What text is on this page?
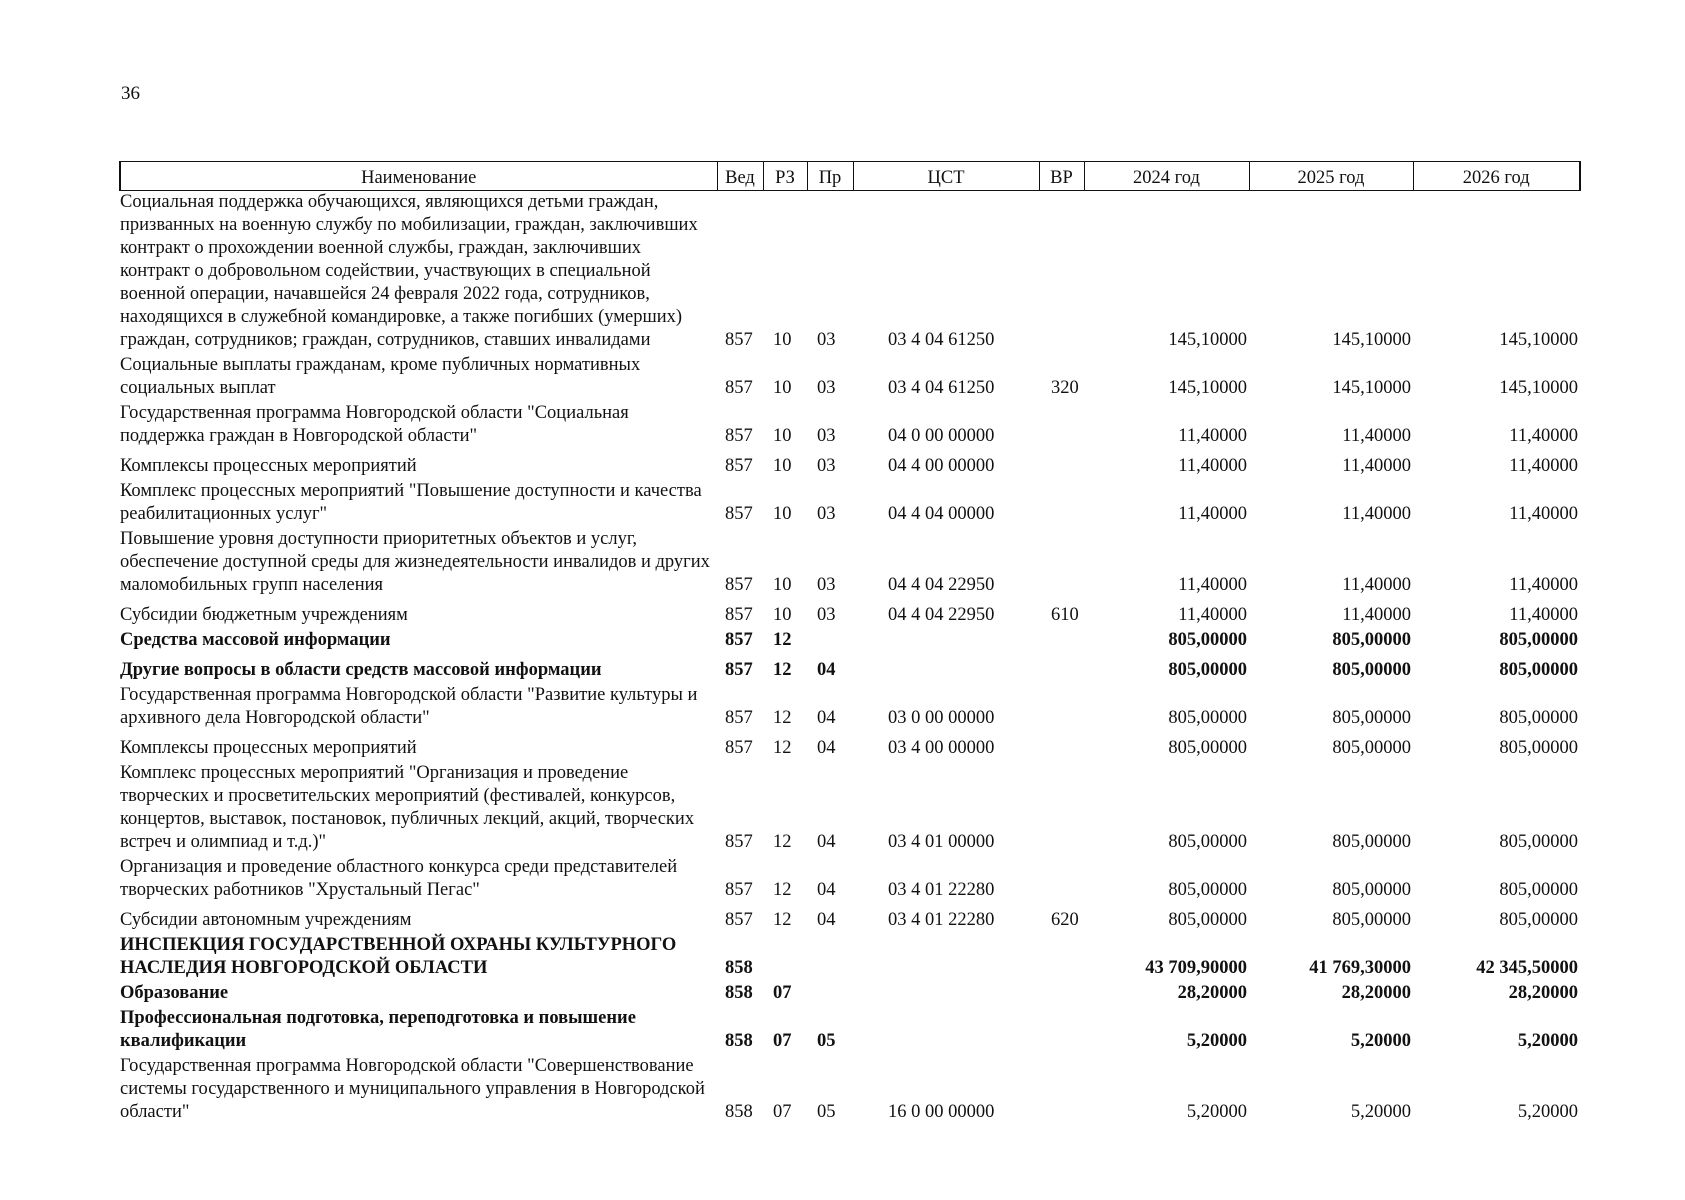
36
Наименование	Вед	РЗ	Пр	ЦСТ	ВР	2024 год	2025 год	2026 год
Социальная поддержка обучающихся, являющихся детьми граждан, призванных на военную службу по мобилизации, граждан, заключивших контракт о прохождении военной службы, граждан, заключивших контракт о добровольном содействии, участвующих в специальной военной операции, начавшейся 24 февраля 2022 года, сотрудников, находящихся в служебной командировке, а также погибших (умерших) граждан, сотрудников; граждан, сотрудников, ставших инвалидами	857	10	03	03 4 04 61250		145,10000	145,10000	145,10000
Социальные выплаты гражданам, кроме публичных нормативных социальных выплат	857	10	03	03 4 04 61250	320	145,10000	145,10000	145,10000
Государственная программа Новгородской области "Социальная поддержка граждан в Новгородской области"	857	10	03	04 0 00 00000		11,40000	11,40000	11,40000
Комплексы процессных мероприятий	857	10	03	04 4 00 00000		11,40000	11,40000	11,40000
Комплекс процессных мероприятий "Повышение доступности и качества реабилитационных услуг"	857	10	03	04 4 04 00000		11,40000	11,40000	11,40000
Повышение уровня доступности приоритетных объектов и услуг, обеспечение доступной среды для жизнедеятельности инвалидов и других маломобильных групп населения	857	10	03	04 4 04 22950		11,40000	11,40000	11,40000
Субсидии бюджетным учреждениям	857	10	03	04 4 04 22950	610	11,40000	11,40000	11,40000
Средства массовой информации	857	12				805,00000	805,00000	805,00000
Другие вопросы в области средств массовой информации	857	12	04			805,00000	805,00000	805,00000
Государственная программа Новгородской области "Развитие культуры и архивного дела Новгородской области"	857	12	04	03 0 00 00000		805,00000	805,00000	805,00000
Комплексы процессных мероприятий	857	12	04	03 4 00 00000		805,00000	805,00000	805,00000
Комплекс процессных мероприятий "Организация и проведение творческих и просветительских мероприятий (фестивалей, конкурсов, концертов, выставок, постановок, публичных лекций, акций, творческих встреч и олимпиад и т.д.)"	857	12	04	03 4 01 00000		805,00000	805,00000	805,00000
Организация и проведение областного конкурса среди представителей творческих работников "Хрустальный Пегас"	857	12	04	03 4 01 22280		805,00000	805,00000	805,00000
Субсидии автономным учреждениям	857	12	04	03 4 01 22280	620	805,00000	805,00000	805,00000
ИНСПЕКЦИЯ ГОСУДАРСТВЕННОЙ ОХРАНЫ КУЛЬТУРНОГО НАСЛЕДИЯ НОВГОРОДСКОЙ ОБЛАСТИ	858					43 709,90000	41 769,30000	42 345,50000
Образование	858	07				28,20000	28,20000	28,20000
Профессиональная подготовка, переподготовка и повышение квалификации	858	07	05			5,20000	5,20000	5,20000
Государственная программа Новгородской области "Совершенствование системы государственного и муниципального управления в Новгородской области"	858	07	05	16 0 00 00000		5,20000	5,20000	5,20000
